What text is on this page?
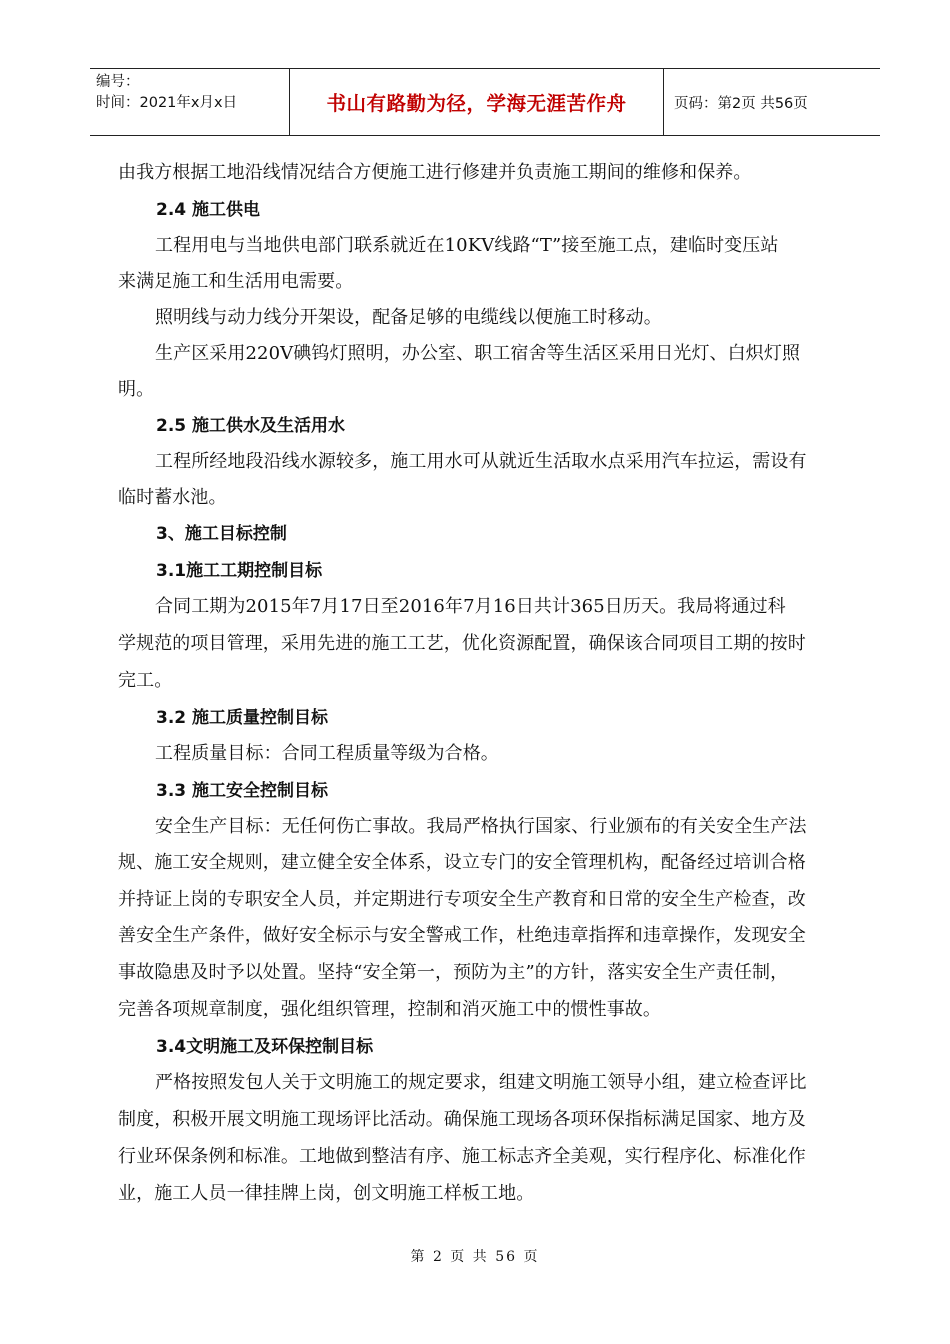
编号：
时间：2021年x月x日	书山有路勤为径，学海无涯苦作舟	页码：第2页 共56页
由我方根据工地沿线情况结合方便施工进行修建并负责施工期间的维修和保养。
2.4 施工供电
工程用电与当地供电部门联系就近在10KV线路“T”接至施工点，建临时变压站
来满足施工和生活用电需要。
照明线与动力线分开架设，配备足够的电缆线以便施工时移动。
生产区采用220V碘钨灯照明，办公室、职工宿舍等生活区采用日光灯、白炽灯照
明。
2.5 施工供水及生活用水
工程所经地段沿线水源较多，施工用水可从就近生活取水点采用汽车拉运，需设有
临时蓄水池。
3、施工目标控制
3.1施工工期控制目标
合同工期为2015年7月17日至2016年7月16日共计365日历天。我局将通过科
学规范的项目管理，采用先进的施工工艺，优化资源配置，确保该合同项目工期的按时
完工。
3.2 施工质量控制目标
工程质量目标：合同工程质量等级为合格。
3.3 施工安全控制目标
安全生产目标：无任何伤亡事故。我局严格执行国家、行业颁布的有关安全生产法
规、施工安全规则，建立健全安全体系，设立专门的安全管理机构，配备经过培训合格
并持证上岗的专职安全人员，并定期进行专项安全生产教育和日常的安全生产检查，改
善安全生产条件，做好安全标示与安全警戒工作，杜绝违章指挥和违章操作，发现安全
事故隐患及时予以处置。坚持“安全第一，预防为主”的方针，落实安全生产责任制，
完善各项规章制度，强化组织管理，控制和消灭施工中的惯性事故。
3.4文明施工及环保控制目标
严格按照发包人关于文明施工的规定要求，组建文明施工领导小组，建立检查评比
制度，积极开展文明施工现场评比活动。确保施工现场各项环保指标满足国家、地方及
行业环保条例和标准。工地做到整洁有序、施工标志齐全美观，实行程序化、标准化作
业，施工人员一律挂牌上岗，创文明施工样板工地。
第 2 页 共 56 页
